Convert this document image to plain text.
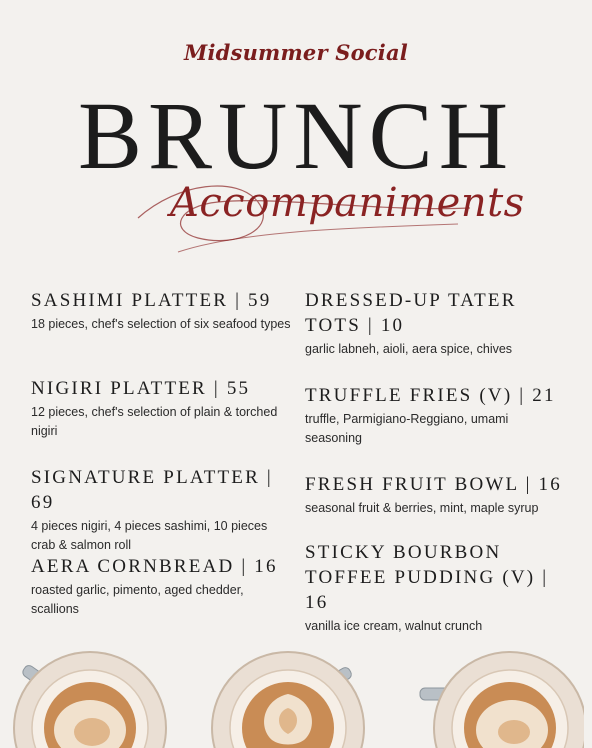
Midsummer Social
BRUNCH
Accompaniments
SASHIMI PLATTER | 59
18 pieces, chef's selection of six seafood types
NIGIRI PLATTER | 55
12 pieces, chef's selection of plain & torched nigiri
SIGNATURE PLATTER | 69
4 pieces nigiri, 4 pieces sashimi, 10 pieces crab & salmon roll
AERA CORNBREAD | 16
roasted garlic, pimento, aged chedder, scallions
DRESSED-UP TATER TOTS | 10
garlic labneh, aioli, aera spice, chives
TRUFFLE FRIES (V) | 21
truffle, Parmigiano-Reggiano, umami seasoning
FRESH FRUIT BOWL | 16
seasonal fruit & berries, mint, maple syrup
STICKY BOURBON TOFFEE PUDDING (V) | 16
vanilla ice cream, walnut crunch
